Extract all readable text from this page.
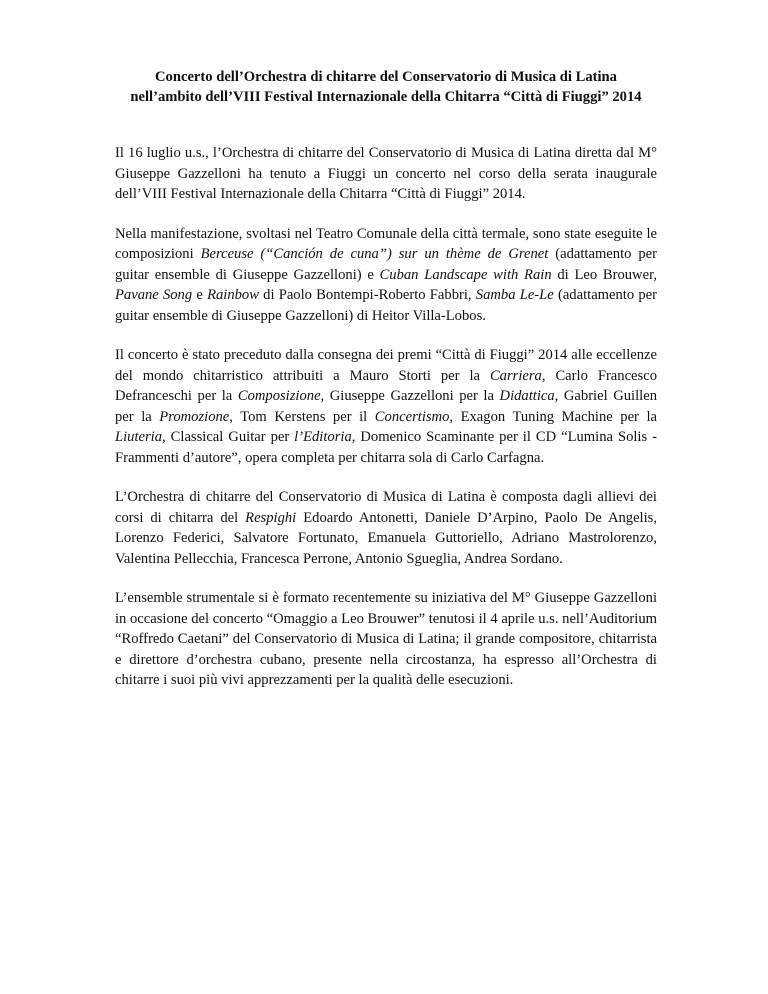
Concerto dell’Orchestra di chitarre del Conservatorio di Musica di Latina
nell’ambito dell’VIII Festival Internazionale della Chitarra “Città di Fiuggi” 2014

Il 16 luglio u.s., l’Orchestra di chitarre del Conservatorio di Musica di Latina diretta dal M° Giuseppe Gazzelloni ha tenuto a Fiuggi un concerto nel corso della serata inaugurale dell’VIII Festival Internazionale della Chitarra “Città di Fiuggi” 2014.

Nella manifestazione, svoltasi nel Teatro Comunale della città termale, sono state eseguite le composizioni Berceuse (“Canción de cuna”) sur un thème de Grenet (adattamento per guitar ensemble di Giuseppe Gazzelloni) e Cuban Landscape with Rain di Leo Brouwer, Pavane Song e Rainbow di Paolo Bontempi-Roberto Fabbri, Samba Le-Le (adattamento per guitar ensemble di Giuseppe Gazzelloni) di Heitor Villa-Lobos.

Il concerto è stato preceduto dalla consegna dei premi “Città di Fiuggi” 2014 alle eccellenze del mondo chitarristico attribuiti a Mauro Storti per la Carriera, Carlo Francesco Defranceschi per la Composizione, Giuseppe Gazzelloni per la Didattica, Gabriel Guillen per la Promozione, Tom Kerstens per il Concertismo, Exagon Tuning Machine per la Liuteria, Classical Guitar per l’Editoria, Domenico Scaminante per il CD “Lumina Solis - Frammenti d’autore”, opera completa per chitarra sola di Carlo Carfagna.

L’Orchestra di chitarre del Conservatorio di Musica di Latina è composta dagli allievi dei corsi di chitarra del Respighi Edoardo Antonetti, Daniele D’Arpino, Paolo De Angelis, Lorenzo Federici, Salvatore Fortunato, Emanuela Guttoriello, Adriano Mastrolorenzo, Valentina Pellecchia, Francesca Perrone, Antonio Sgueglia, Andrea Sordano.

L’ensemble strumentale si è formato recentemente su iniziativa del M° Giuseppe Gazzelloni in occasione del concerto “Omaggio a Leo Brouwer” tenutosi il 4 aprile u.s. nell’Auditorium “Roffredo Caetani” del Conservatorio di Musica di Latina; il grande compositore, chitarrista e direttore d’orchestra cubano, presente nella circostanza, ha espresso all’Orchestra di chitarre i suoi più vivi apprezzamenti per la qualità delle esecuzioni.
